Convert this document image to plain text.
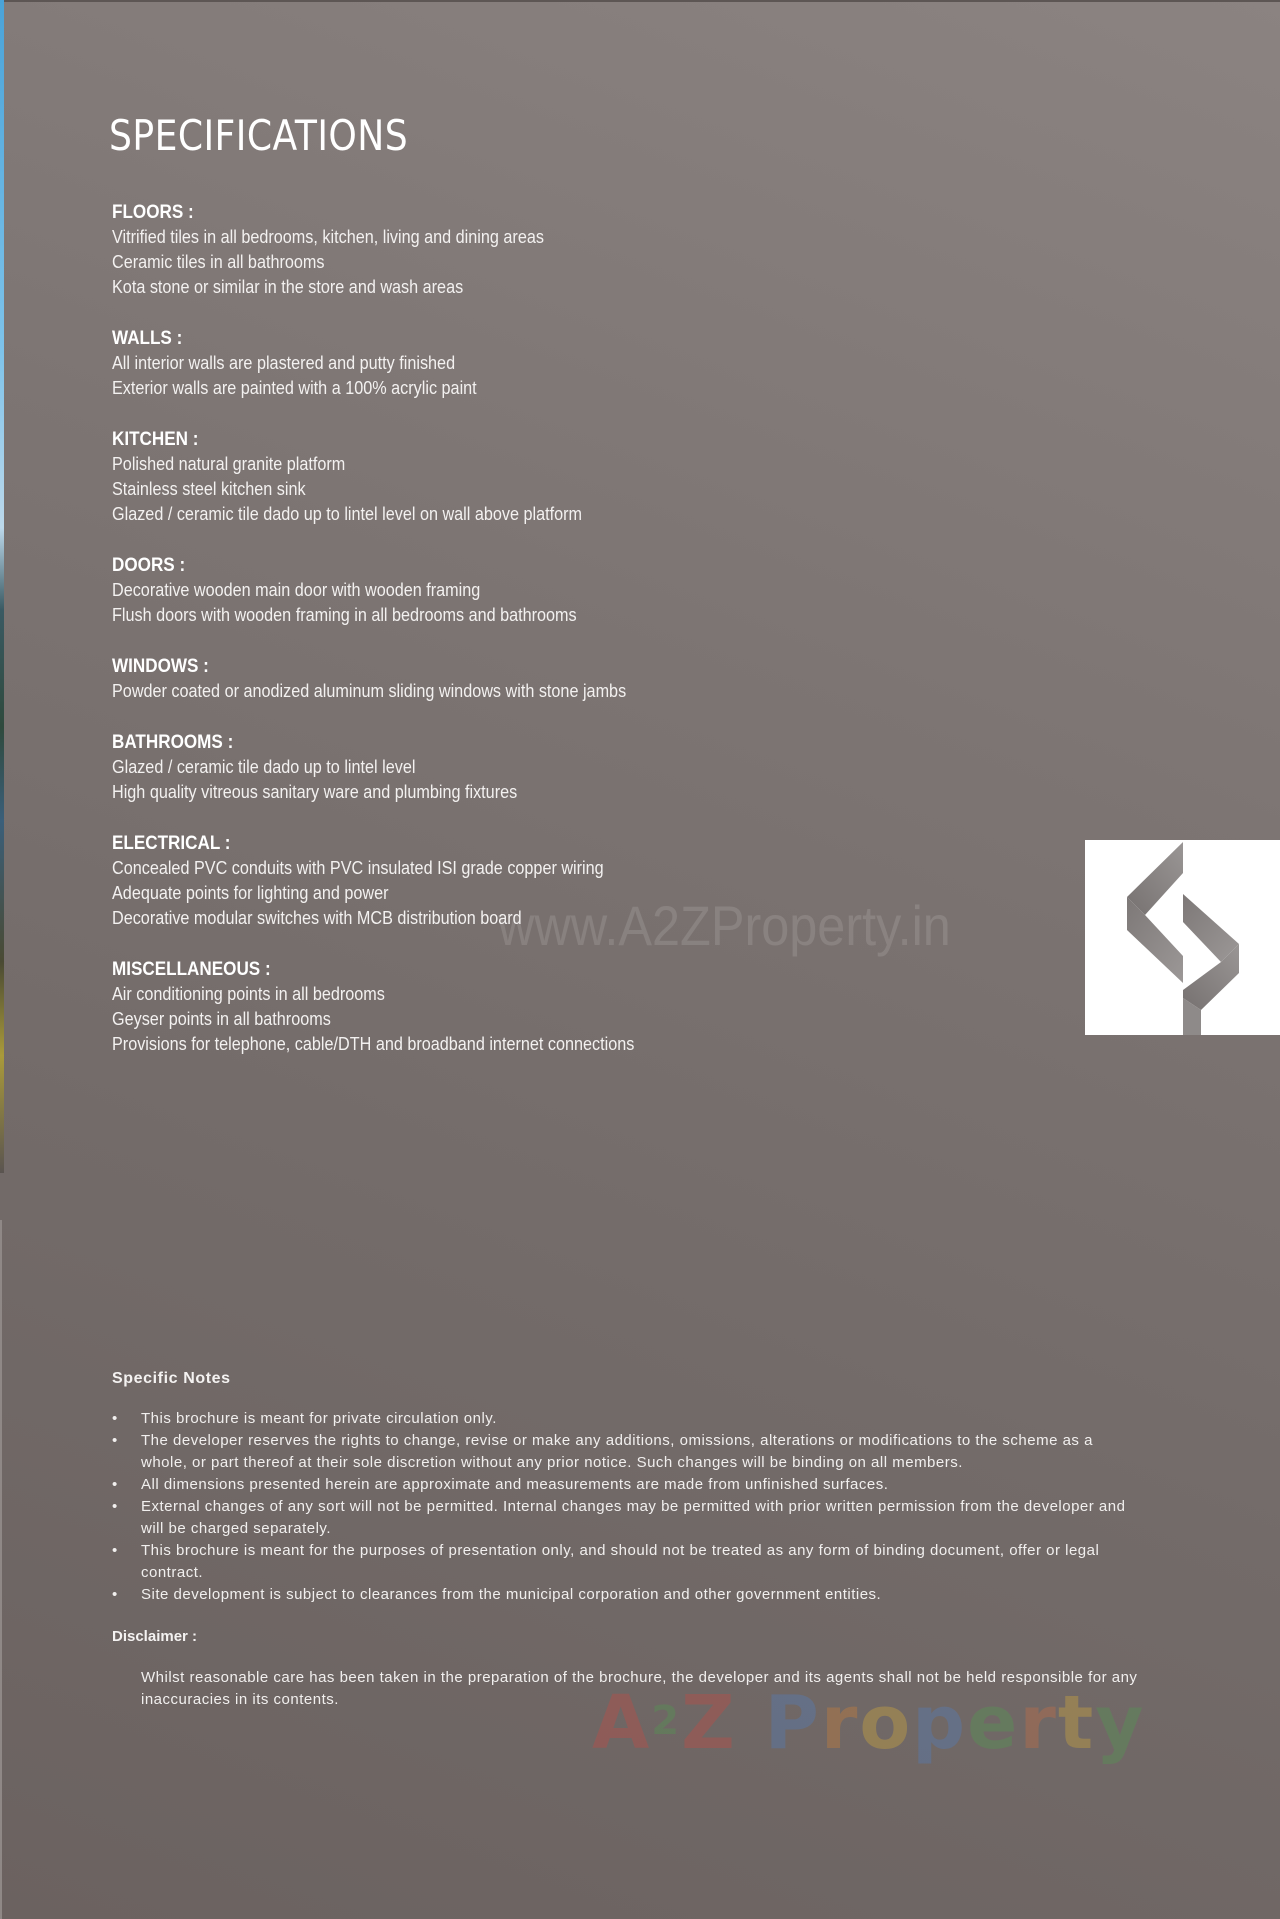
SPECIFICATIONS
FLOORS :
Vitrified tiles in all bedrooms, kitchen, living and dining areas
Ceramic tiles in all bathrooms
Kota stone or similar in the store and wash areas
WALLS :
All interior walls are plastered and putty finished
Exterior walls are painted with a 100% acrylic paint
KITCHEN :
Polished natural granite platform
Stainless steel kitchen sink
Glazed / ceramic tile dado up to lintel level on wall above platform
DOORS :
Decorative wooden main door with wooden framing
Flush doors with wooden framing in all bedrooms and bathrooms
WINDOWS :
Powder coated or anodized aluminum sliding windows with stone jambs
BATHROOMS :
Glazed / ceramic tile dado up to lintel level
High quality vitreous sanitary ware and plumbing fixtures
ELECTRICAL :
Concealed PVC conduits with PVC insulated ISI grade copper wiring
Adequate points for lighting and power
Decorative modular switches with MCB distribution board
MISCELLANEOUS :
Air conditioning points in all bedrooms
Geyser points in all bathrooms
Provisions for telephone, cable/DTH and broadband internet connections
www.A2ZProperty.in
Specific Notes
• This brochure is meant for private circulation only.
• The developer reserves the rights to change, revise or make any additions, omissions, alterations or modifications to the scheme as a whole, or part thereof at their sole discretion without any prior notice. Such changes will be binding on all members.
• All dimensions presented herein are approximate and measurements are made from unfinished surfaces.
• External changes of any sort will not be permitted. Internal changes may be permitted with prior written permission from the developer and will be charged separately.
• This brochure is meant for the purposes of presentation only, and should not be treated as any form of binding document, offer or legal contract.
• Site development is subject to clearances from the municipal corporation and other government entities.
Disclaimer :
Whilst reasonable care has been taken in the preparation of the brochure, the developer and its agents shall not be held responsible for any inaccuracies in its contents.	A2Z Property
